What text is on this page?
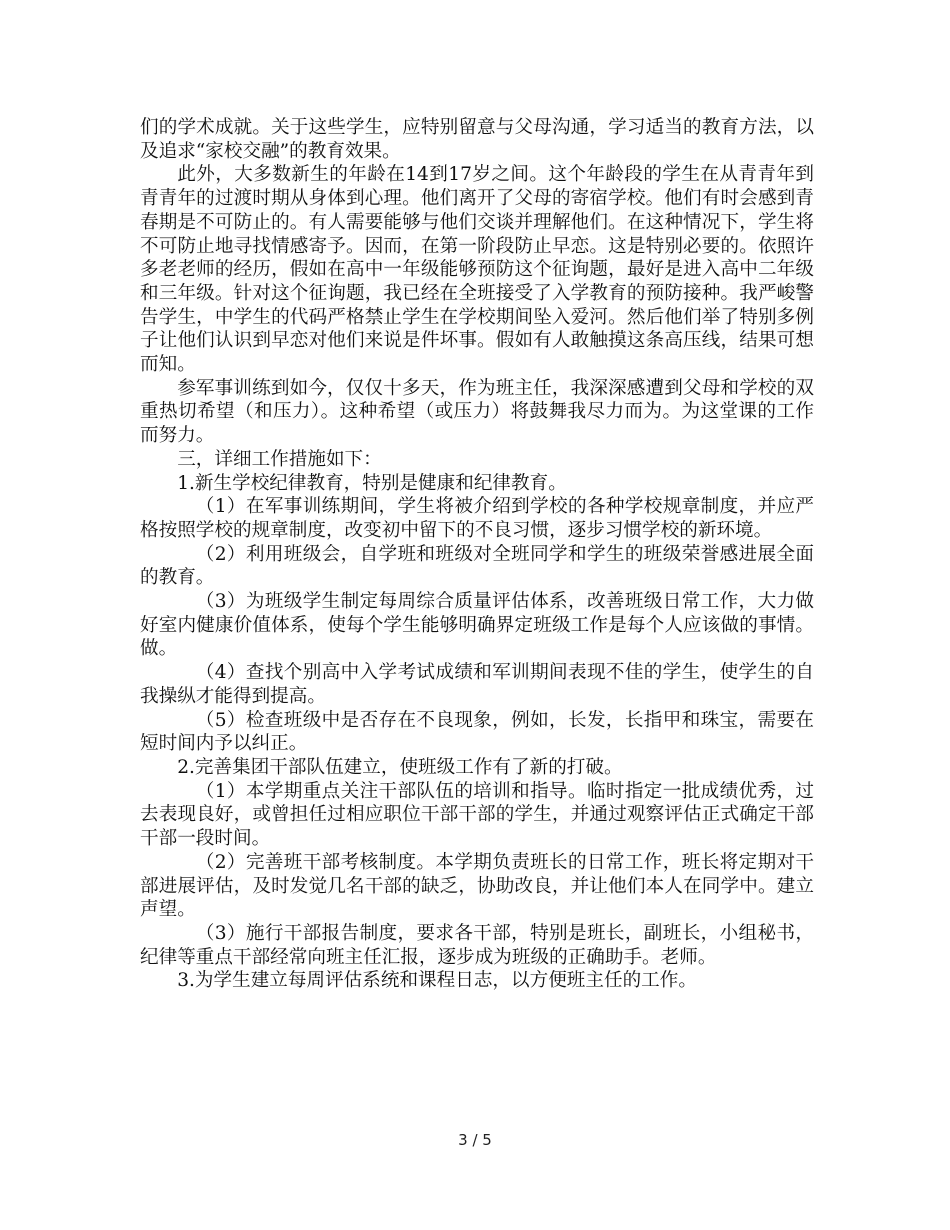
们的学术成就。关于这些学生，应特别留意与父母沟通，学习适当的教育方法，以及追求“家校交融”的教育效果。

此外，大多数新生的年龄在14到17岁之间。这个年龄段的学生在从青青年到青青年的过渡时期从身体到心理。他们离开了父母的寄宿学校。他们有时会感到青春期是不可防止的。有人需要能够与他们交谈并理解他们。在这种情况下，学生将不可防止地寻找情感寄予。因而，在第一阶段防止早恋。这是特别必要的。依照许多老老师的经历，假如在高中一年级能够预防这个征询题，最好是进入高中二年级和三年级。针对这个征询题，我已经在全班接受了入学教育的预防接种。我严峻警告学生，中学生的代码严格禁止学生在学校期间坠入爱河。然后他们举了特别多例子让他们认识到早恋对他们来说是件坏事。假如有人敢触摸这条高压线，结果可想而知。

参军事训练到如今，仅仅十多天，作为班主任，我深深感遭到父母和学校的双重热切希望（和压力）。这种希望（或压力）将鼓舞我尽力而为。为这堂课的工作而努力。

三，详细工作措施如下：

1.新生学校纪律教育，特别是健康和纪律教育。

（1）在军事训练期间，学生将被介绍到学校的各种学校规章制度，并应严格按照学校的规章制度，改变初中留下的不良习惯，逐步习惯学校的新环境。

（2）利用班级会，自学班和班级对全班同学和学生的班级荣誉感进展全面的教育。

（3）为班级学生制定每周综合质量评估体系，改善班级日常工作，大力做好室内健康价值体系，使每个学生能够明确界定班级工作是每个人应该做的事情。做。

（4）查找个别高中入学考试成绩和军训期间表现不佳的学生，使学生的自我操纵才能得到提高。

（5）检查班级中是否存在不良现象，例如，长发，长指甲和珠宝，需要在短时间内予以纠正。

2.完善集团干部队伍建立，使班级工作有了新的打破。

（1）本学期重点关注干部队伍的培训和指导。临时指定一批成绩优秀，过去表现良好，或曾担任过相应职位干部干部的学生，并通过观察评估正式确定干部干部一段时间。

（2）完善班干部考核制度。本学期负责班长的日常工作，班长将定期对干部进展评估，及时发觉几名干部的缺乏，协助改良，并让他们本人在同学中。建立声望。

（3）施行干部报告制度，要求各干部，特别是班长，副班长，小组秘书，纪律等重点干部经常向班主任汇报，逐步成为班级的正确助手。老师。

3.为学生建立每周评估系统和课程日志，以方便班主任的工作。

3 / 5
